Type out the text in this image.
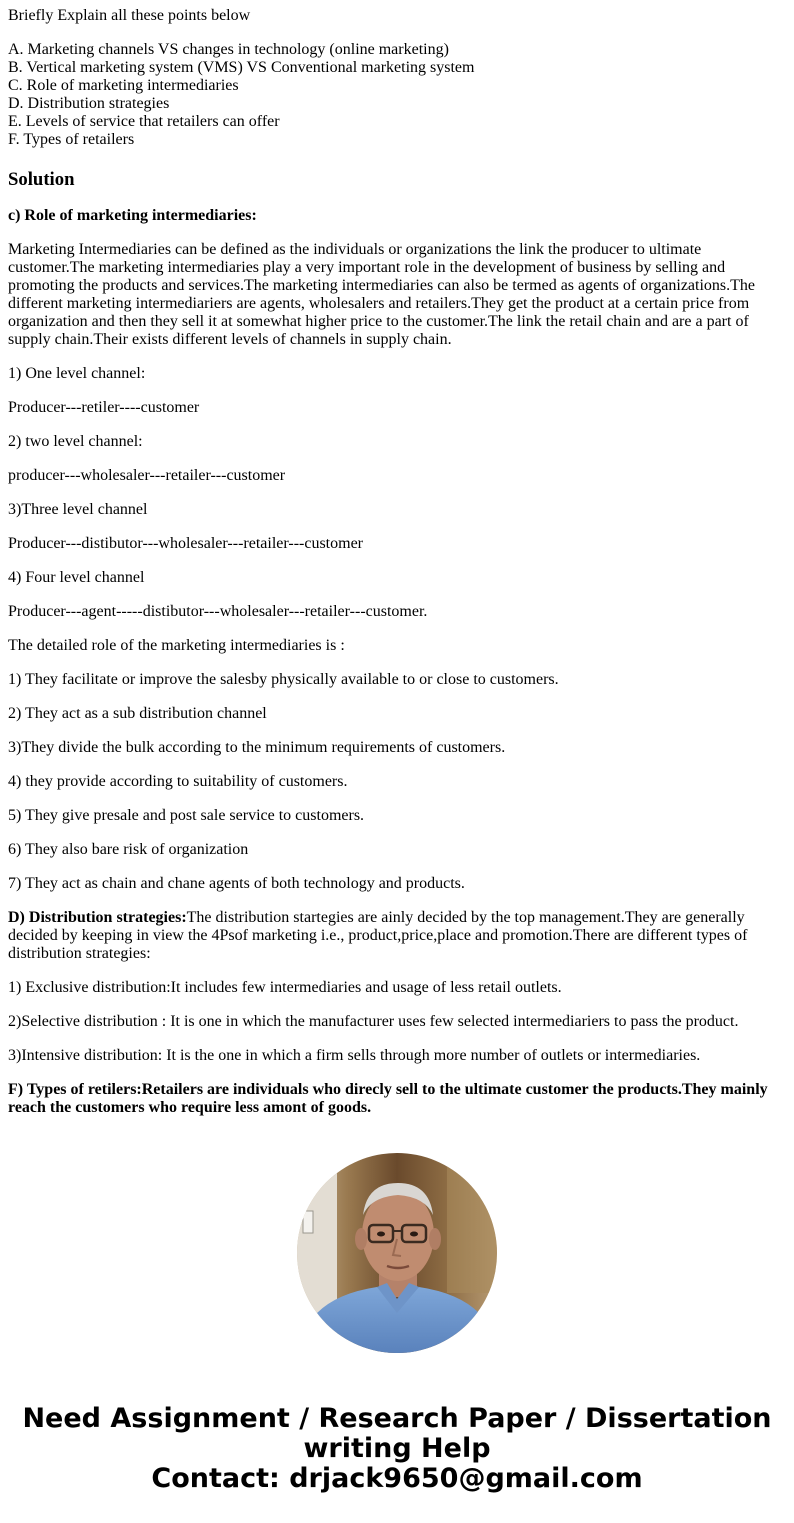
Briefly Explain all these points below
A. Marketing channels VS changes in technology (online marketing)
B. Vertical marketing system (VMS) VS Conventional marketing system
C. Role of marketing intermediaries
D. Distribution strategies
E. Levels of service that retailers can offer
F. Types of retailers
Solution

c) Role of marketing intermediaries:

Marketing Intermediaries can be defined as the individuals or organizations the link the producer to ultimate customer.The marketing intermediaries play a very important role in the development of business by selling and promoting the products and services.The marketing intermediaries can also be termed as agents of organizations.The different marketing intermediariers are agents, wholesalers and retailers.They get the product at a certain price from organization and then they sell it at somewhat higher price to the customer.The link the retail chain and are a part of supply chain.Their exists different levels of channels in supply chain.

1) One level channel:

Producer---retiler----customer

2) two level channel:

producer---wholesaler---retailer---customer

3)Three level channel

Producer---distibutor---wholesaler---retailer---customer

4) Four level channel

Producer---agent-----distibutor---wholesaler---retailer---customer.

The detailed role of the marketing intermediaries is :

1) They facilitate or improve the salesby physically available to or close to customers.

2) They act as a sub distribution channel

3)They divide the bulk according to the minimum requirements of customers.

4) they provide according to suitability of customers.

5) They give presale and post sale service to customers.

6) They also bare risk of organization

7) They act as chain and chane agents of both technology and products.

D) Distribution strategies:The distribution startegies are ainly decided by the top management.They are generally decided by keeping in view the 4Psof marketing i.e., product,price,place and promotion.There are different types of distribution strategies:

1) Exclusive distribution:It includes few intermediaries and usage of less retail outlets.

2)Selective distribution : It is one in which the manufacturer uses few selected intermediariers to pass the product.

3)Intensive distribution: It is the one in which a firm sells through more number of outlets or intermediaries.

F) Types of retilers:Retailers are individuals who direcly sell to the ultimate customer the products.They mainly reach the customers who require less amont of goods.

Need Assignment / Research Paper / Dissertation
writing Help
Contact: drjack9650@gmail.com
